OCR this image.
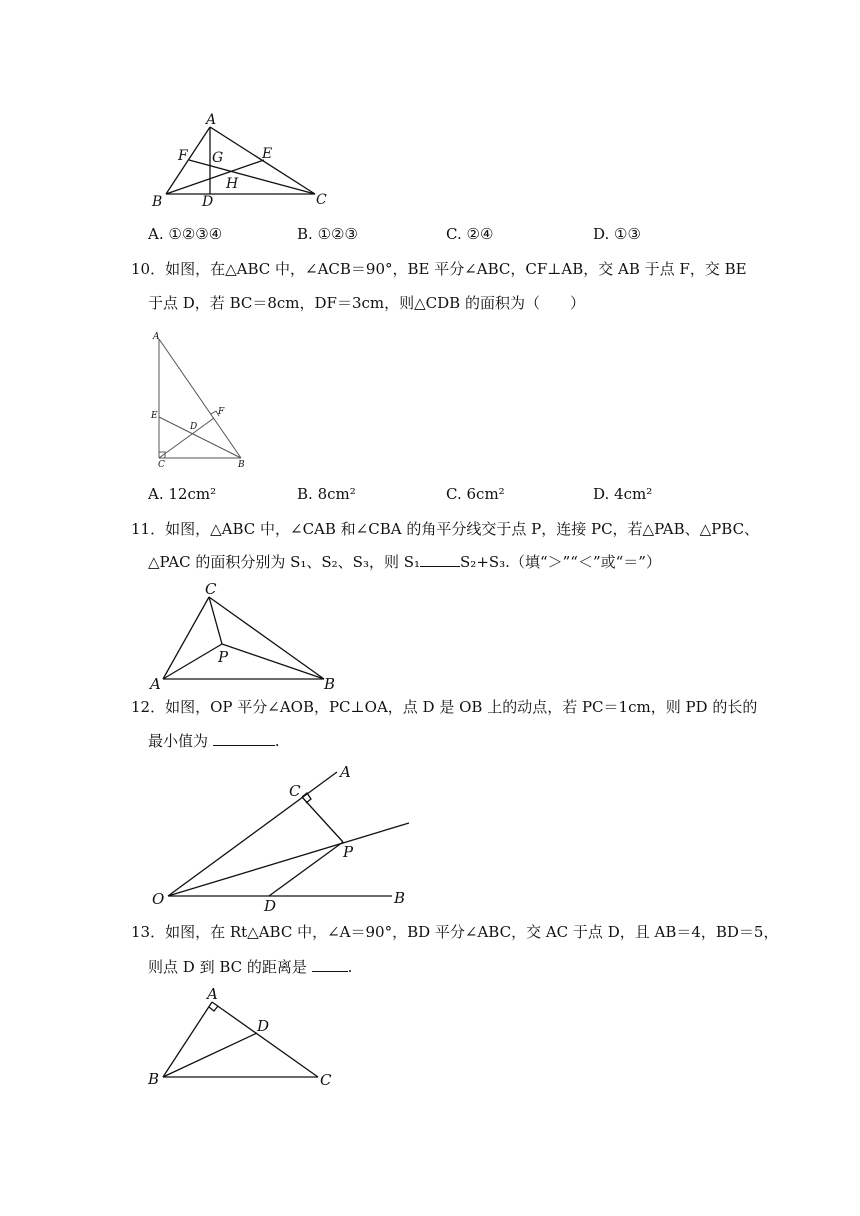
A
F G	E
H
B	D	C
A. ①②③④	B. ①②③	C. ②④	D. ①③
10．如图，在△ABC 中，∠ACB＝90°，BE 平分∠ABC，CF⊥AB，交 AB 于点 F，交 BE
于点 D，若 BC＝8cm，DF＝3cm，则△CDB 的面积为（　　）
A
E	F
D
C	B
A. 12cm²	B. 8cm²	C. 6cm²	D. 4cm²
11．如图，△ABC 中，∠CAB 和∠CBA 的角平分线交于点 P，连接 PC，若△PAB、△PBC、
△PAC 的面积分别为 S₁、S₂、S₃，则 S₁	S₂+S₃.（填“＞”“＜”或“＝”）
C
P
A	B
12．如图，OP 平分∠AOB，PC⊥OA，点 D 是 OB 上的动点，若 PC＝1cm，则 PD 的长的
最小值为	.
C
A
P
O	D	B
13．如图，在 Rt△ABC 中，∠A＝90°，BD 平分∠ABC，交 AC 于点 D，且 AB＝4，BD＝5，
则点 D 到 BC 的距离是 .
A
D
B	C
